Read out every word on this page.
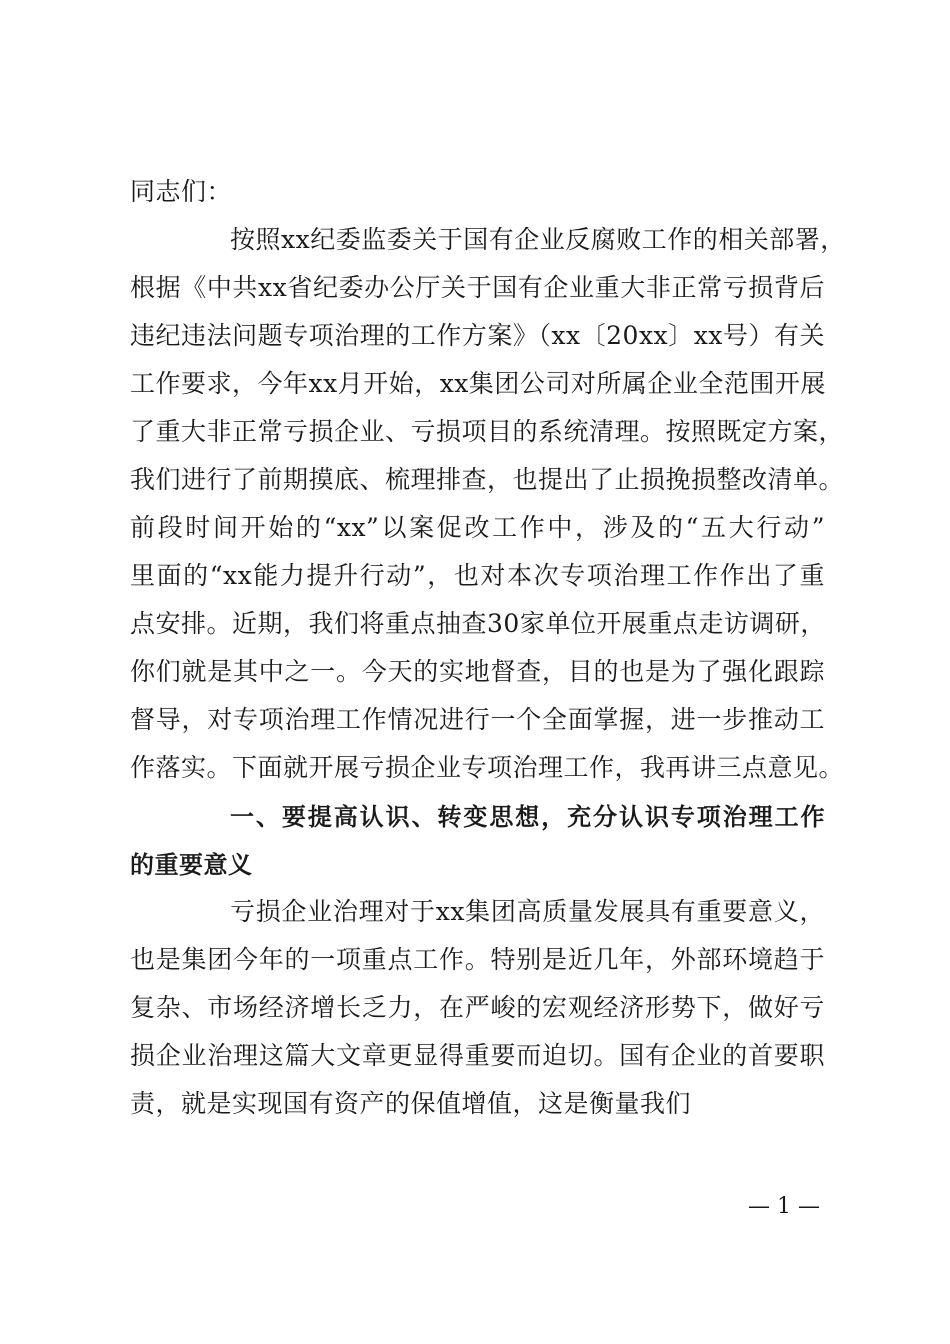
同志们：
按照xx纪委监委关于国有企业反腐败工作的相关部署，
根据《中共xx省纪委办公厅关于国有企业重大非正常亏损背后
违纪违法问题专项治理的工作方案》（xx〔20xx〕xx号）有关
工作要求，今年xx月开始，xx集团公司对所属企业全范围开展
了重大非正常亏损企业、亏损项目的系统清理。按照既定方案，
我们进行了前期摸底、梳理排查，也提出了止损挽损整改清单。
前段时间开始的“xx”以案促改工作中，涉及的“五大行动”
里面的“xx能力提升行动”，也对本次专项治理工作作出了重
点安排。近期，我们将重点抽查30家单位开展重点走访调研，
你们就是其中之一。今天的实地督查，目的也是为了强化跟踪
督导，对专项治理工作情况进行一个全面掌握，进一步推动工
作落实。下面就开展亏损企业专项治理工作，我再讲三点意见。
一、要提高认识、转变思想，充分认识专项治理工作
的重要意义
亏损企业治理对于xx集团高质量发展具有重要意义，
也是集团今年的一项重点工作。特别是近几年，外部环境趋于
复杂、市场经济增长乏力，在严峻的宏观经济形势下，做好亏
损企业治理这篇大文章更显得重要而迫切。国有企业的首要职
责，就是实现国有资产的保值增值，这是衡量我们
— 1 —
